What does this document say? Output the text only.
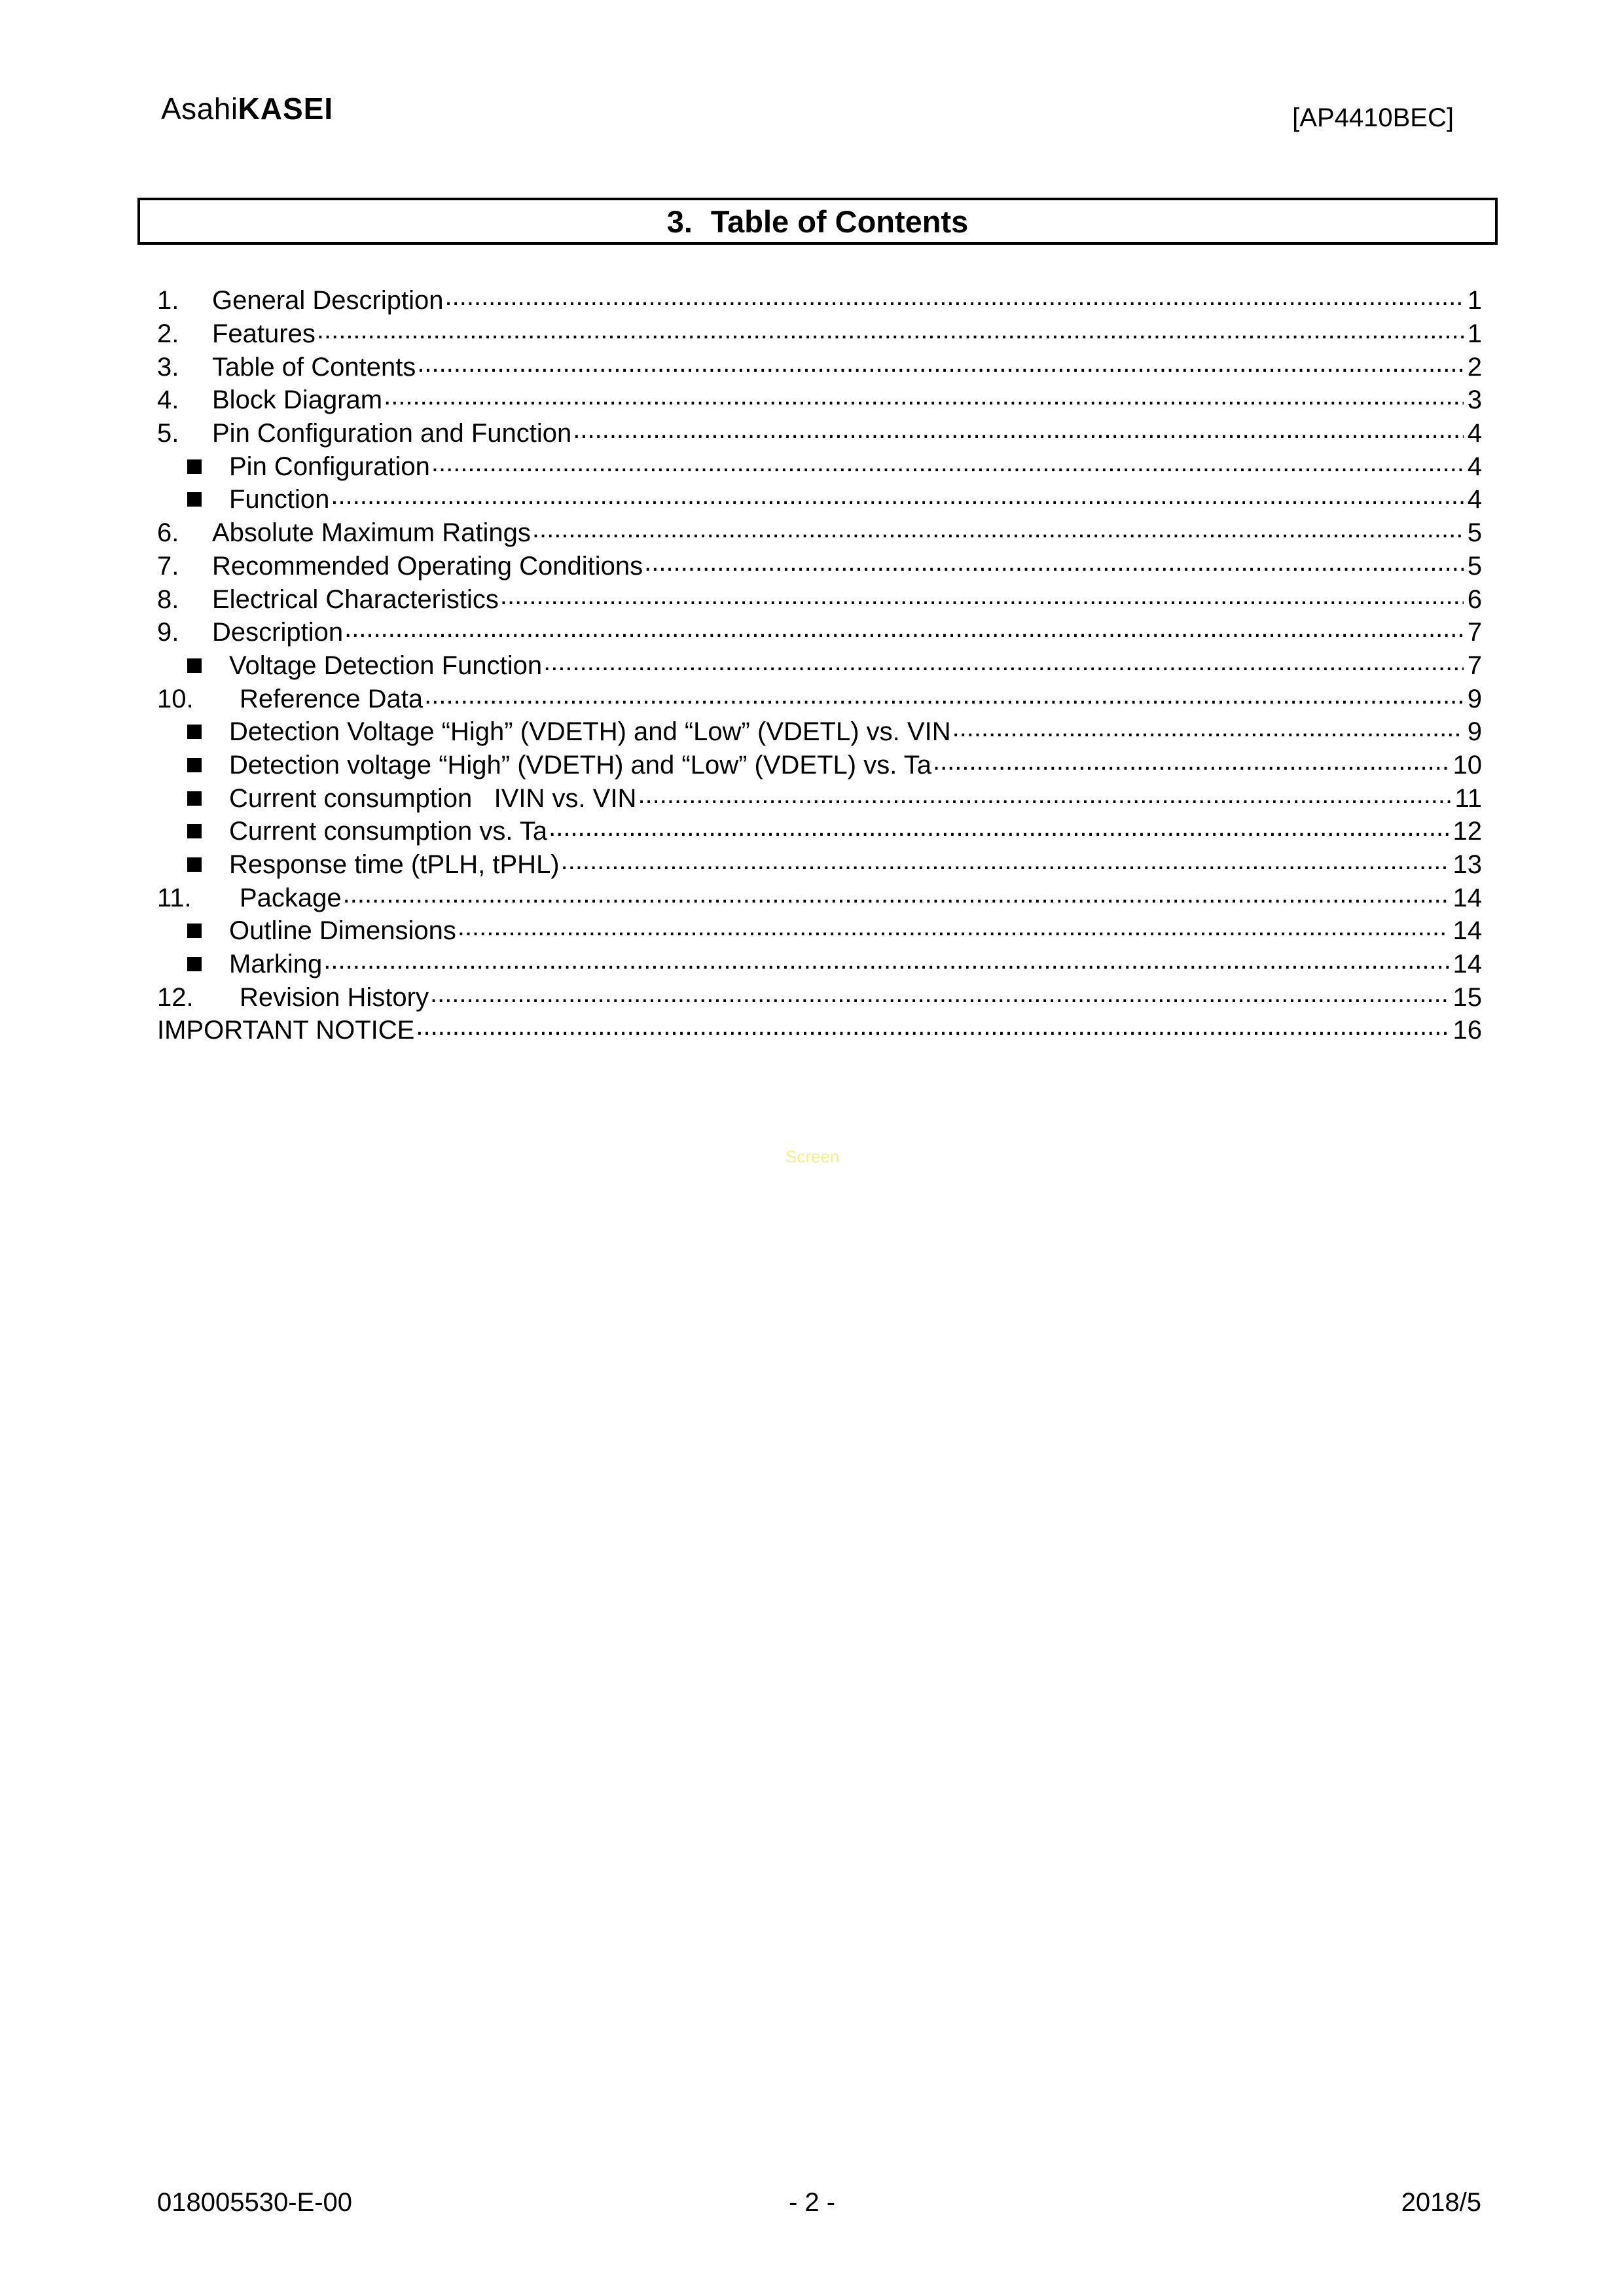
AsahiKASEI	[AP4410BEC]
3. Table of Contents
1.	General Description .....	1
2.	Features .....	1
3.	Table of Contents .....	2
4.	Block Diagram .....	3
5.	Pin Configuration and Function .....	4
Pin Configuration .....	4
Function .....	4
6.	Absolute Maximum Ratings .....	5
7.	Recommended Operating Conditions .....	5
8.	Electrical Characteristics .....	6
9.	Description .....	7
Voltage Detection Function .....	7
10.	Reference Data .....	9
Detection Voltage “High” (VDETH) and “Low” (VDETL) vs. VIN .....	9
Detection voltage “High” (VDETH) and “Low” (VDETL) vs. Ta .....	10
Current consumption   IVIN vs. VIN .....	11
Current consumption vs. Ta .....	12
Response time (tPLH, tPHL) .....	13
11.	Package .....	14
Outline Dimensions .....	14
Marking .....	14
12.	Revision History .....	15
IMPORTANT NOTICE .....	16
Screen
018005530-E-00	- 2 -	2018/5
